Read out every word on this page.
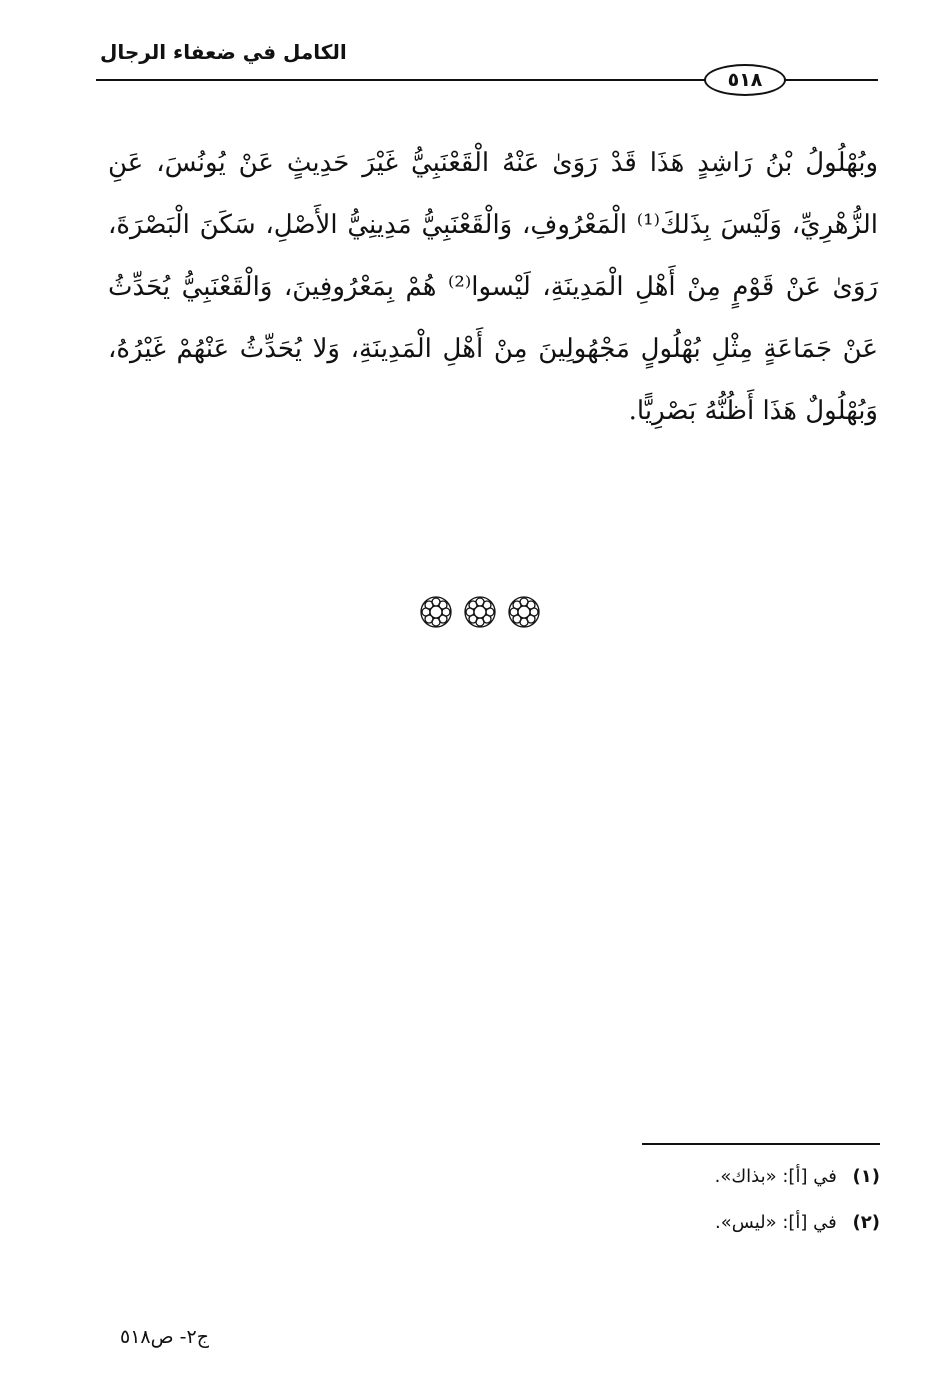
الكامل في ضعفاء الرجال
٥١٨

وبُهْلُولُ بْنُ رَاشِدٍ هَذَا قَدْ رَوَىٰ عَنْهُ الْقَعْنَبِيُّ غَيْرَ حَدِيثٍ عَنْ يُونُسَ، عَنِ الزُّهْرِيِّ، وَلَيْسَ بِذَلكَ⁽¹⁾ الْمَعْرُوفِ، وَالْقَعْنَبِيُّ مَدِينِيُّ الأَصْلِ، سَكَنَ الْبَصْرَةَ، رَوَىٰ عَنْ قَوْمٍ مِنْ أَهْلِ الْمَدِينَةِ، لَيْسوا⁽²⁾ هُمْ بِمَعْرُوفِينَ، وَالْقَعْنَبِيُّ يُحَدِّثُ عَنْ جَمَاعَةٍ مِثْلِ بُهْلُولٍ مَجْهُولِينَ مِنْ أَهْلِ الْمَدِينَةِ، وَلا يُحَدِّثُ عَنْهُمْ غَيْرُهُ، وَبُهْلُولٌ هَذَا أَظُنُّهُ بَصْرِيًّا.

(١) في [أ]: «بذاك».
(٢) في [أ]: «ليس».
ج٢- ص٥١٨
